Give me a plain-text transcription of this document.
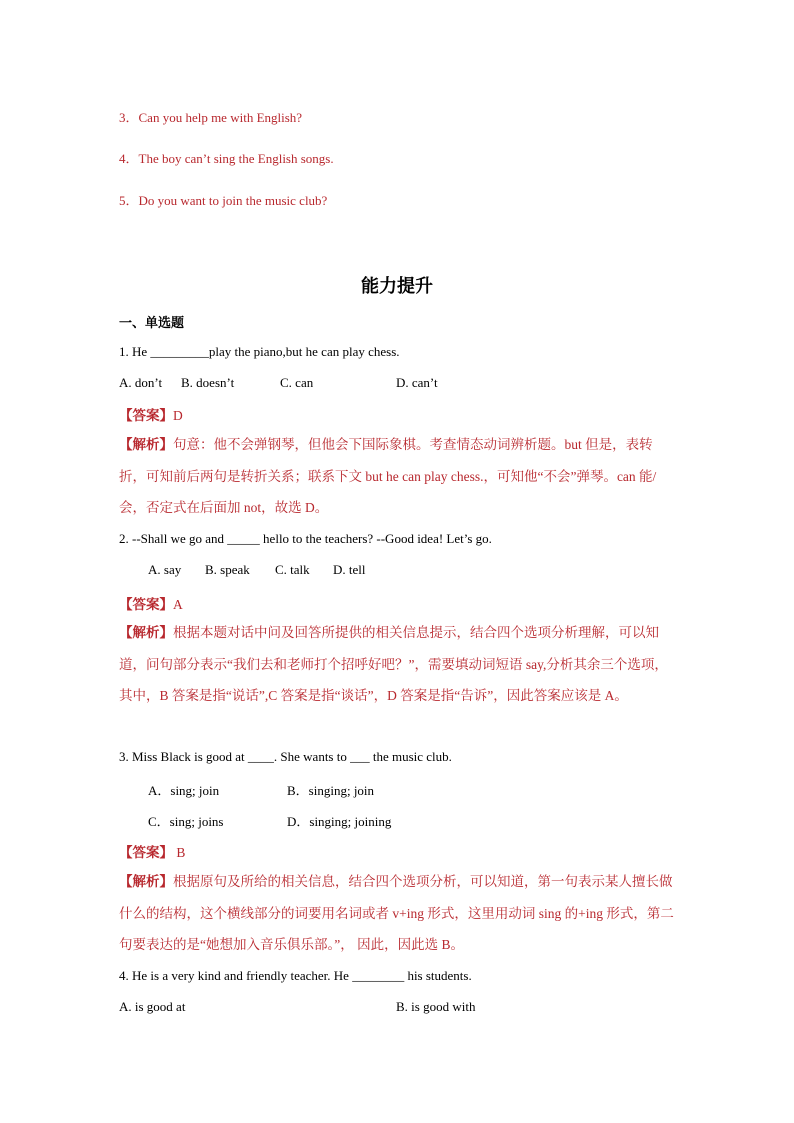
3．Can you help me with English?
4．The boy can’t sing the English songs.
5．Do you want to join the music club?
能力提升
一、单选题
1. He _________play the piano,but he can play chess.
A. don’t B. doesn’t	C. can	D. can’t
【答案】D
【解析】句意：他不会弹钢琴，但他会下国际象棋。考查情态动词辨析题。but 但是，表转折，可知前后两句是转折关系；联系下文 but he can play chess.，可知他“不会”弹琴。can 能/会，否定式在后面加 not，故选 D。
2. --Shall we go and _____ hello to the teachers? --Good idea! Let’s go.
A. say B. speak C. talk D. tell
【答案】A
【解析】根据本题对话中问及回答所提供的相关信息提示，结合四个选项分析理解，可以知道，问句部分表示“我们去和老师打个招呼好吧？”，需要填动词短语 say,分析其余三个选项，其中，B 答案是指“说话”,C 答案是指“谈话”，D 答案是指“告诉”，因此答案应该是 A。
3. Miss Black is good at ____. She wants to ___ the music club.
A．sing; join	B．singing; join
C．sing; joins	D．singing; joining
【答案】 B
【解析】根据原句及所给的相关信息，结合四个选项分析，可以知道，第一句表示某人擅长做什么的结构，这个横线部分的词要用名词或者 v+ing 形式，这里用动词 sing 的+ing 形式，第二句要表达的是“她想加入音乐俱乐部。”， 因此，因此选 B。
4. He is a very kind and friendly teacher. He ________ his students.
A. is good at	B. is good with
